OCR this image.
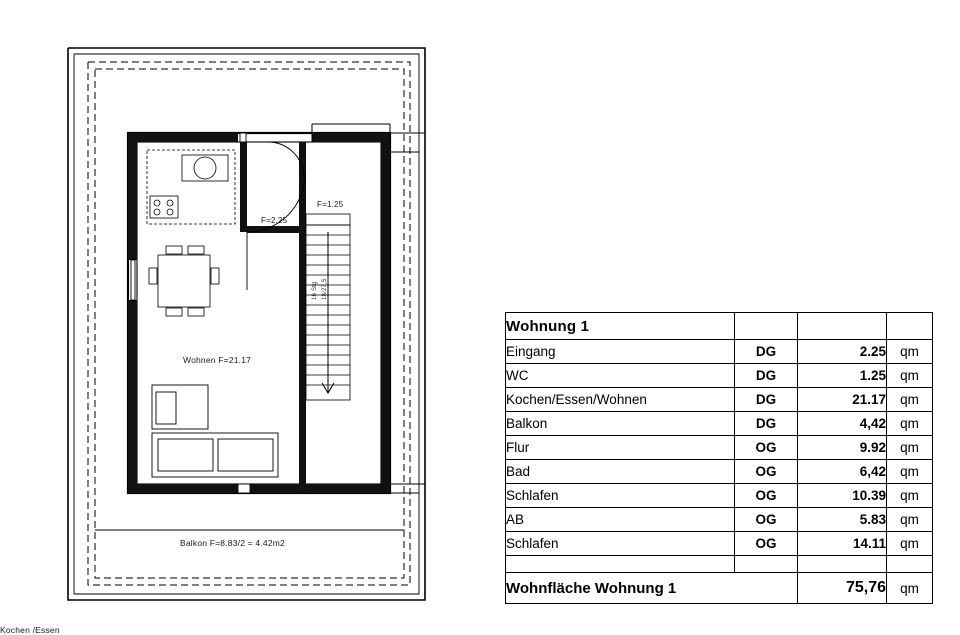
Kochen /Essen
Wohnen F=21.17
F=2.25
F=1.25
Balkon F=8.83/2 = 4.42m2
16 Stg 18/27,5
Wohnung 1			
Eingang	DG	2.25	qm
WC	DG	1.25	qm
Kochen/Essen/Wohnen	DG	21.17	qm
Balkon	DG	4,42	qm
Flur	OG	9.92	qm
Bad	OG	6,42	qm
Schlafen	OG	10.39	qm
AB	OG	5.83	qm
Schlafen	OG	14.11	qm

Wohnfläche Wohnung 1		75,76	qm
